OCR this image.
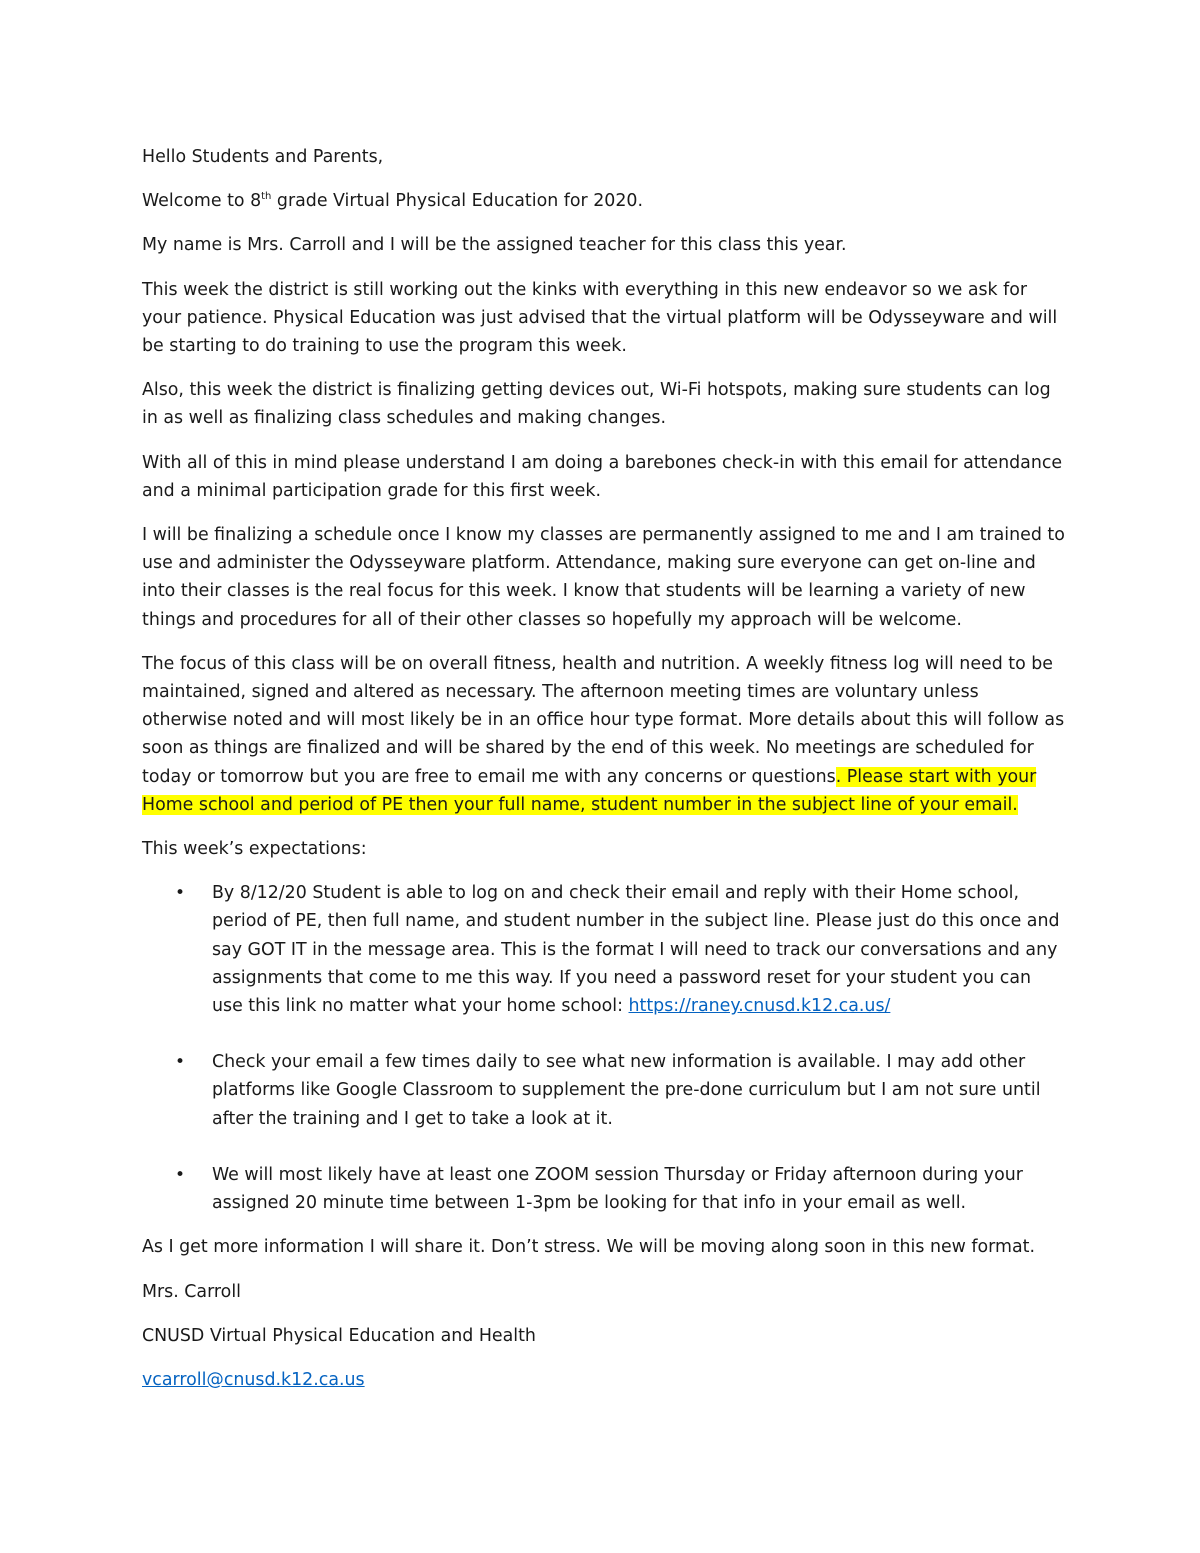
Hello Students and Parents,

Welcome to 8th grade Virtual Physical Education for 2020.

My name is Mrs. Carroll and I will be the assigned teacher for this class this year.

This week the district is still working out the kinks with everything in this new endeavor so we ask for your patience. Physical Education was just advised that the virtual platform will be Odysseyware and will be starting to do training to use the program this week.

Also, this week the district is finalizing getting devices out, Wi-Fi hotspots, making sure students can log in as well as finalizing class schedules and making changes.

With all of this in mind please understand I am doing a barebones check-in with this email for attendance and a minimal participation grade for this first week.

I will be finalizing a schedule once I know my classes are permanently assigned to me and I am trained to use and administer the Odysseyware platform. Attendance, making sure everyone can get on-line and into their classes is the real focus for this week. I know that students will be learning a variety of new things and procedures for all of their other classes so hopefully my approach will be welcome.

The focus of this class will be on overall fitness, health and nutrition. A weekly fitness log will need to be maintained, signed and altered as necessary. The afternoon meeting times are voluntary unless otherwise noted and will most likely be in an office hour type format. More details about this will follow as soon as things are finalized and will be shared by the end of this week. No meetings are scheduled for today or tomorrow but you are free to email me with any concerns or questions. Please start with your Home school and period of PE then your full name, student number in the subject line of your email.

This week’s expectations:

• By 8/12/20 Student is able to log on and check their email and reply with their Home school, period of PE, then full name, and student number in the subject line. Please just do this once and say GOT IT in the message area. This is the format I will need to track our conversations and any assignments that come to me this way. If you need a password reset for your student you can use this link no matter what your home school: https://raney.cnusd.k12.ca.us/
• Check your email a few times daily to see what new information is available. I may add other platforms like Google Classroom to supplement the pre-done curriculum but I am not sure until after the training and I get to take a look at it.
• We will most likely have at least one ZOOM session Thursday or Friday afternoon during your assigned 20 minute time between 1-3pm be looking for that info in your email as well.

As I get more information I will share it. Don’t stress. We will be moving along soon in this new format.

Mrs. Carroll

CNUSD Virtual Physical Education and Health

vcarroll@cnusd.k12.ca.us
